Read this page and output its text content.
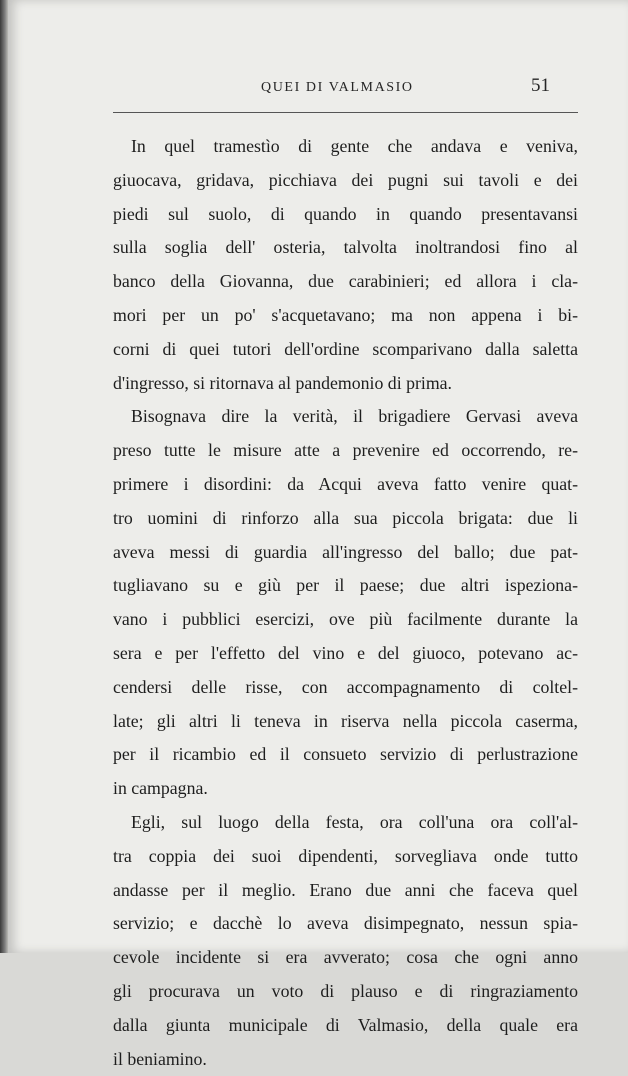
QUEI DI VALMASIO	51
In quel tramestìo di gente che andava e veniva,
giuocava, gridava, picchiava dei pugni sui tavoli e dei
piedi sul suolo, di quando in quando presentavansi
sulla soglia dell' osteria, talvolta inoltrandosi fino al
banco della Giovanna, due carabinieri; ed allora i cla-
mori per un po' s'acquetavano; ma non appena i bi-
corni di quei tutori dell'ordine scomparivano dalla saletta
d'ingresso, si ritornava al pandemonio di prima.
Bisognava dire la verità, il brigadiere Gervasi aveva
preso tutte le misure atte a prevenire ed occorrendo, re-
primere i disordini: da Acqui aveva fatto venire quat-
tro uomini di rinforzo alla sua piccola brigata: due li
aveva messi di guardia all'ingresso del ballo; due pat-
tugliavano su e giù per il paese; due altri ispeziona-
vano i pubblici esercizi, ove più facilmente durante la
sera e per l'effetto del vino e del giuoco, potevano ac-
cendersi delle risse, con accompagnamento di coltel-
late; gli altri li teneva in riserva nella piccola caserma,
per il ricambio ed il consueto servizio di perlustrazione
in campagna.
Egli, sul luogo della festa, ora coll'una ora coll'al-
tra coppia dei suoi dipendenti, sorvegliava onde tutto
andasse per il meglio. Erano due anni che faceva quel
servizio; e dacchè lo aveva disimpegnato, nessun spia-
cevole incidente si era avverato; cosa che ogni anno
gli procurava un voto di plauso e di ringraziamento
dalla giunta municipale di Valmasio, della quale era
il beniamino.
